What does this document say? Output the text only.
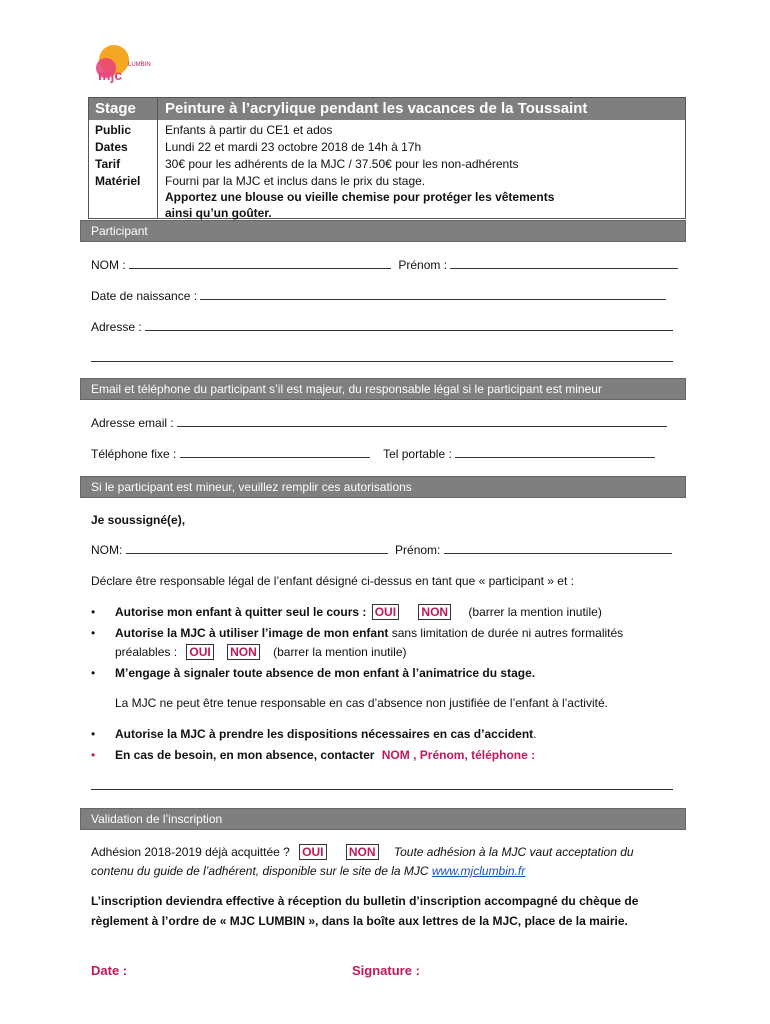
mjc
LUMBIN
Stage Peinture à l’acrylique pendant les vacances de la Toussaint
Public	Enfants à partir du CE1 et ados
Dates	Lundi 22 et mardi 23 octobre 2018 de 14h à 17h
Tarif	30€ pour les adhérents de la MJC / 37.50€ pour les non-adhérents
Matériel Fourni par la MJC et inclus dans le prix du stage.
Apportez une blouse ou vieille chemise pour protéger les vêtements
ainsi qu’un goûter.
Participant
NOM :	Prénom :
Date de naissance :
Adresse :
Email et téléphone du participant s’il est majeur, du responsable légal si le participant est mineur
Adresse email :
Téléphone fixe :	Tel portable :
Si le participant est mineur, veuillez remplir ces autorisations
Je soussigné(e),
NOM:	Prénom:
Déclare être responsable légal de l’enfant désigné ci-dessus en tant que « participant » et :
• Autorise mon enfant à quitter seul le cours : OUI NON (barrer la mention inutile)
• Autorise la MJC à utiliser l’image de mon enfant sans limitation de durée ni autres formalités
préalables : OUI NON (barrer la mention inutile)
• M’engage à signaler toute absence de mon enfant à l’animatrice du stage.
La MJC ne peut être tenue responsable en cas d’absence non justifiée de l’enfant à l’activité.
• Autorise la MJC à prendre les dispositions nécessaires en cas d’accident.
• En cas de besoin, en mon absence, contacter NOM , Prénom, téléphone :
Validation de l’inscription
Adhésion 2018-2019 déjà acquittée ? OUI NON Toute adhésion à la MJC vaut acceptation du
contenu du guide de l’adhérent, disponible sur le site de la MJC www.mjclumbin.fr
L’inscription deviendra effective à réception du bulletin d’inscription accompagné du chèque de
règlement à l’ordre de « MJC LUMBIN », dans la boîte aux lettres de la MJC, place de la mairie.
Date :	Signature :
